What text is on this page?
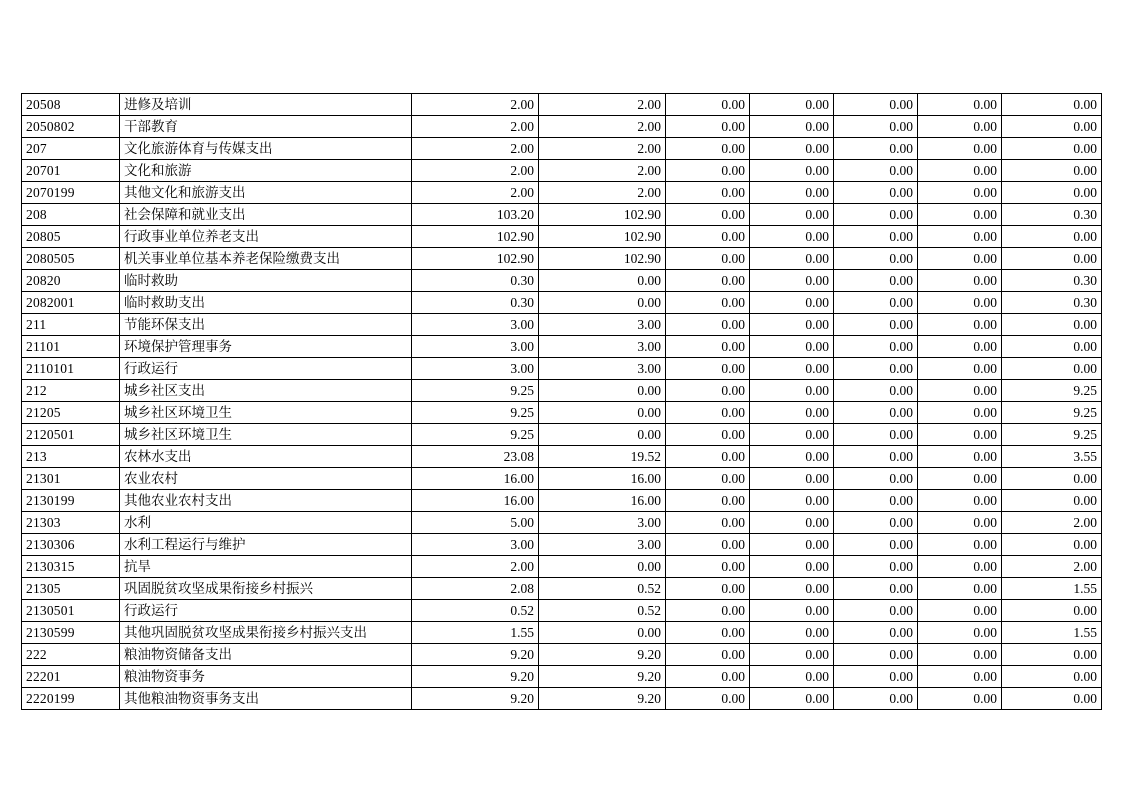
20508	进修及培训	2.00	2.00	0.00	0.00	0.00	0.00	0.00
2050802	干部教育	2.00	2.00	0.00	0.00	0.00	0.00	0.00
207	文化旅游体育与传媒支出	2.00	2.00	0.00	0.00	0.00	0.00	0.00
20701	文化和旅游	2.00	2.00	0.00	0.00	0.00	0.00	0.00
2070199	其他文化和旅游支出	2.00	2.00	0.00	0.00	0.00	0.00	0.00
208	社会保障和就业支出	103.20	102.90	0.00	0.00	0.00	0.00	0.30
20805	行政事业单位养老支出	102.90	102.90	0.00	0.00	0.00	0.00	0.00
2080505	机关事业单位基本养老保险缴费支出	102.90	102.90	0.00	0.00	0.00	0.00	0.00
20820	临时救助	0.30	0.00	0.00	0.00	0.00	0.00	0.30
2082001	临时救助支出	0.30	0.00	0.00	0.00	0.00	0.00	0.30
211	节能环保支出	3.00	3.00	0.00	0.00	0.00	0.00	0.00
21101	环境保护管理事务	3.00	3.00	0.00	0.00	0.00	0.00	0.00
2110101	行政运行	3.00	3.00	0.00	0.00	0.00	0.00	0.00
212	城乡社区支出	9.25	0.00	0.00	0.00	0.00	0.00	9.25
21205	城乡社区环境卫生	9.25	0.00	0.00	0.00	0.00	0.00	9.25
2120501	城乡社区环境卫生	9.25	0.00	0.00	0.00	0.00	0.00	9.25
213	农林水支出	23.08	19.52	0.00	0.00	0.00	0.00	3.55
21301	农业农村	16.00	16.00	0.00	0.00	0.00	0.00	0.00
2130199	其他农业农村支出	16.00	16.00	0.00	0.00	0.00	0.00	0.00
21303	水利	5.00	3.00	0.00	0.00	0.00	0.00	2.00
2130306	水利工程运行与维护	3.00	3.00	0.00	0.00	0.00	0.00	0.00
2130315	抗旱	2.00	0.00	0.00	0.00	0.00	0.00	2.00
21305	巩固脱贫攻坚成果衔接乡村振兴	2.08	0.52	0.00	0.00	0.00	0.00	1.55
2130501	行政运行	0.52	0.52	0.00	0.00	0.00	0.00	0.00
2130599	其他巩固脱贫攻坚成果衔接乡村振兴支出	1.55	0.00	0.00	0.00	0.00	0.00	1.55
222	粮油物资储备支出	9.20	9.20	0.00	0.00	0.00	0.00	0.00
22201	粮油物资事务	9.20	9.20	0.00	0.00	0.00	0.00	0.00
2220199	其他粮油物资事务支出	9.20	9.20	0.00	0.00	0.00	0.00	0.00
